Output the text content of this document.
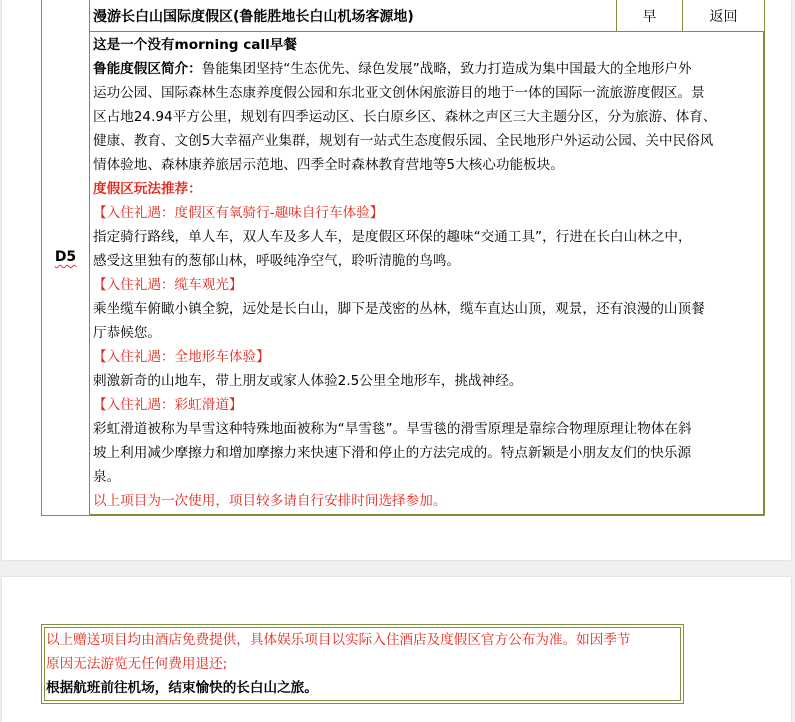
D5
漫游长白山国际度假区(鲁能胜地长白山机场客源地)	早	返回

这是一个没有morning call早餐

鲁能度假区简介：鲁能集团坚持“生态优先、绿色发展”战略，致力打造成为集中国最大的全地形户外

运功公园、国际森林生态康养度假公园和东北亚文创休闲旅游目的地于一体的国际一流旅游度假区。景

区占地24.94平方公里，规划有四季运动区、长白原乡区、森林之声区三大主题分区，分为旅游、体育、

健康、教育、文创5大幸福产业集群，规划有一站式生态度假乐园、全民地形户外运动公园、关中民俗风

情体验地、森林康养旅居示范地、四季全时森林教育营地等5大核心功能板块。

度假区玩法推荐：

【入住礼遇：度假区有氧骑行-趣味自行车体验】

指定骑行路线，单人车，双人车及多人车，是度假区环保的趣味“交通工具”，行进在长白山林之中，

感受这里独有的葱郁山林，呼吸纯净空气，聆听清脆的鸟鸣。

【入住礼遇：缆车观光】

乘坐缆车俯瞰小镇全貌，远处是长白山，脚下是茂密的丛林，缆车直达山顶，观景，还有浪漫的山顶餐

厅恭候您。

【入住礼遇：全地形车体验】

刺激新奇的山地车，带上朋友或家人体验2.5公里全地形车，挑战神经。

【入住礼遇：彩虹滑道】

彩虹滑道被称为旱雪这种特殊地面被称为“旱雪毯”。旱雪毯的滑雪原理是靠综合物理原理让物体在斜

坡上利用减少摩擦力和增加摩擦力来快速下滑和停止的方法完成的。特点新颖是小朋友友们的快乐源

泉。

以上项目为一次使用，项目较多请自行安排时间选择参加。

以上赠送项目均由酒店免费提供，具体娱乐项目以实际入住酒店及度假区官方公布为准。如因季节

原因无法游览无任何费用退还;

根据航班前往机场，结束愉快的长白山之旅。
